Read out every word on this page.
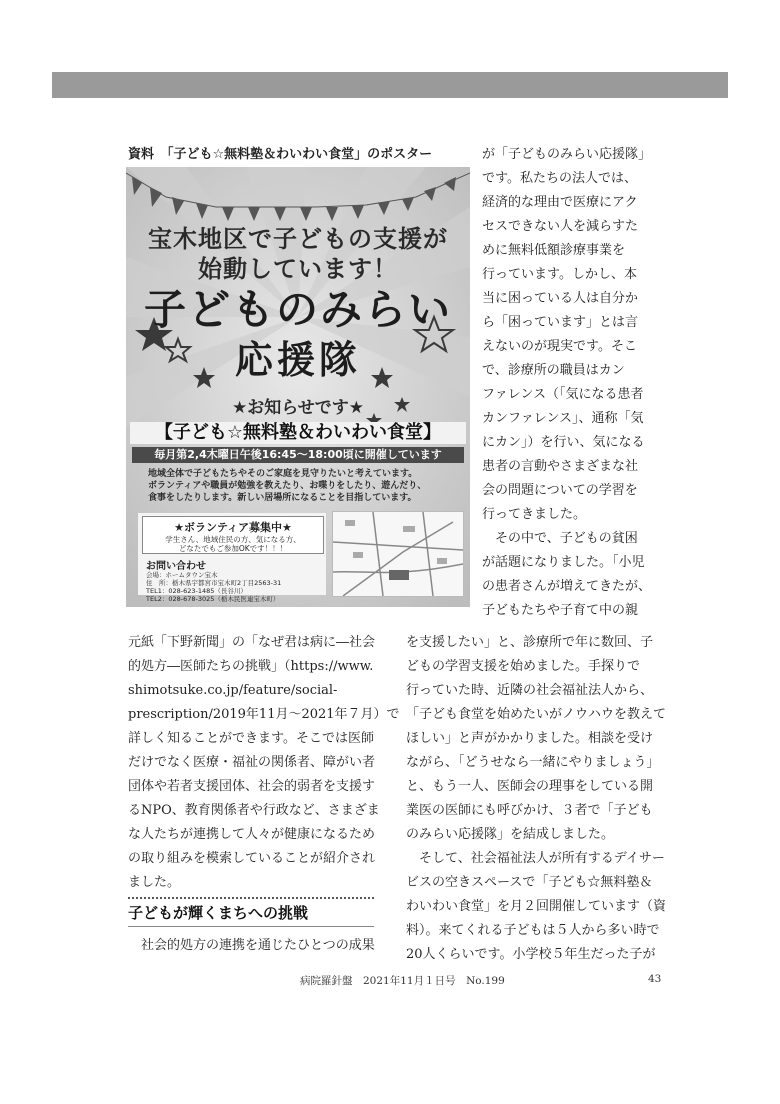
資料　「子ども☆無料塾＆わいわい食堂」のポスター
宝木地区で子どもの支援が
始動しています！
子どものみらい
応援隊
★お知らせです★
【子ども☆無料塾＆わいわい食堂】
毎月第2,4木曜日午後16:45～18:00頃に開催しています
地域全体で子どもたちやそのご家庭を見守りたいと考えています。
ボランティアや職員が勉強を教えたり、お喋りをしたり、遊んだり、
食事をしたりします。新しい居場所になることを目指しています。
★ボランティア募集中★
学生さん、地域住民の方、気になる方、
どなたでもご参加OKです！！！
お問い合わせ
会場：ホームタウン宝木
住　所：栃木県宇都宮市宝木町2丁目2563-31
TEL1：028-623-1485（長谷川）
TEL2：028-678-3025（栃木民医連宝木町）

が「子どものみらい応援隊」

です。私たちの法人では、

経済的な理由で医療にアク

セスできない人を減らすた

めに無料低額診療事業を

行っています。しかし、本

当に困っている人は自分か

ら「困っています」とは言

えないのが現実です。そこ

で、診療所の職員はカン

ファレンス（「気になる患者

カンファレンス」、通称「気

にカン」）を行い、気になる

患者の言動やさまざまな社

会の問題についての学習を

行ってきました。

　その中で、子どもの貧困

が話題になりました。「小児

の患者さんが増えてきたが、

子どもたちや子育て中の親

元紙「下野新聞」の「なぜ君は病に―社会

的処方―医師たちの挑戦」（https://www.

shimotsuke.co.jp/feature/social-

prescription/2019年11月～2021年７月）で

詳しく知ることができます。そこでは医師

だけでなく医療・福祉の関係者、障がい者

団体や若者支援団体、社会的弱者を支援す

るNPO、教育関係者や行政など、さまざま

な人たちが連携して人々が健康になるため

の取り組みを模索していることが紹介され

ました。

子どもが輝くまちへの挑戦
　社会的処方の連携を通じたひとつの成果

を支援したい」と、診療所で年に数回、子

どもの学習支援を始めました。手探りで

行っていた時、近隣の社会福祉法人から、

「子ども食堂を始めたいがノウハウを教えて

ほしい」と声がかかりました。相談を受け

ながら、「どうせなら一緒にやりましょう」

と、もう一人、医師会の理事をしている開

業医の医師にも呼びかけ、３者で「子ども

のみらい応援隊」を結成しました。

　そして、社会福祉法人が所有するデイサー

ビスの空きスペースで「子ども☆無料塾＆

わいわい食堂」を月２回開催しています（資

料）。来てくれる子どもは５人から多い時で

20人くらいです。小学校５年生だった子が

病院羅針盤　2021年11月１日号　No.199	43
